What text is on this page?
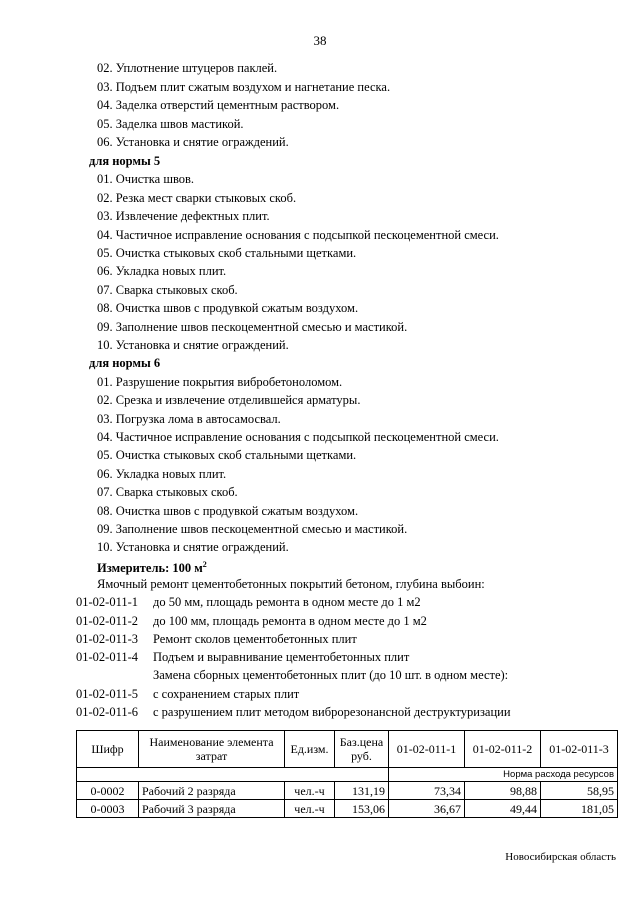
38
02. Уплотнение штуцеров паклей.
03. Подъем плит сжатым воздухом и нагнетание песка.
04. Заделка отверстий цементным раствором.
05. Заделка швов мастикой.
06. Установка и снятие ограждений.
для нормы 5
01. Очистка швов.
02. Резка мест сварки стыковых скоб.
03. Извлечение дефектных плит.
04. Частичное исправление основания с подсыпкой пескоцементной смеси.
05. Очистка стыковых скоб стальными щетками.
06. Укладка новых плит.
07. Сварка стыковых скоб.
08. Очистка швов с продувкой сжатым воздухом.
09. Заполнение швов пескоцементной смесью и мастикой.
10. Установка и снятие ограждений.
для нормы 6
01. Разрушение покрытия вибробетоноломом.
02. Срезка и извлечение отделившейся арматуры.
03. Погрузка лома в автосамосвал.
04. Частичное исправление основания с подсыпкой пескоцементной смеси.
05. Очистка стыковых скоб стальными щетками.
06. Укладка новых плит.
07. Сварка стыковых скоб.
08. Очистка швов с продувкой сжатым воздухом.
09. Заполнение швов пескоцементной смесью и мастикой.
10. Установка и снятие ограждений.
Измеритель: 100 $м^2$
Ямочный ремонт цементобетонных покрытий бетоном, глубина выбоин:
01-02-011-1 до 50 мм, площадь ремонта в одном месте до 1 м2
01-02-011-2 до 100 мм, площадь ремонта в одном месте до 1 м2
01-02-011-3 Ремонт сколов цементобетонных плит
01-02-011-4 Подъем и выравнивание цементобетонных плит
Замена сборных цементобетонных плит (до 10 шт. в одном месте):
01-02-011-5 с сохранением старых плит
01-02-011-6 с разрушением плит методом виброрезонансной деструктуризации
Шифр	Наименование элемента затрат	Ед.изм.	Баз.цена руб.	01-02-011-1	01-02-011-2	01-02-011-3
				Норма расхода ресурсов		
0-0002	Рабочий 2 разряда	чел.-ч	131,19	73,34	98,88	58,95
0-0003	Рабочий 3 разряда	чел.-ч	153,06	36,67	49,44	181,05
Новосибирская область
